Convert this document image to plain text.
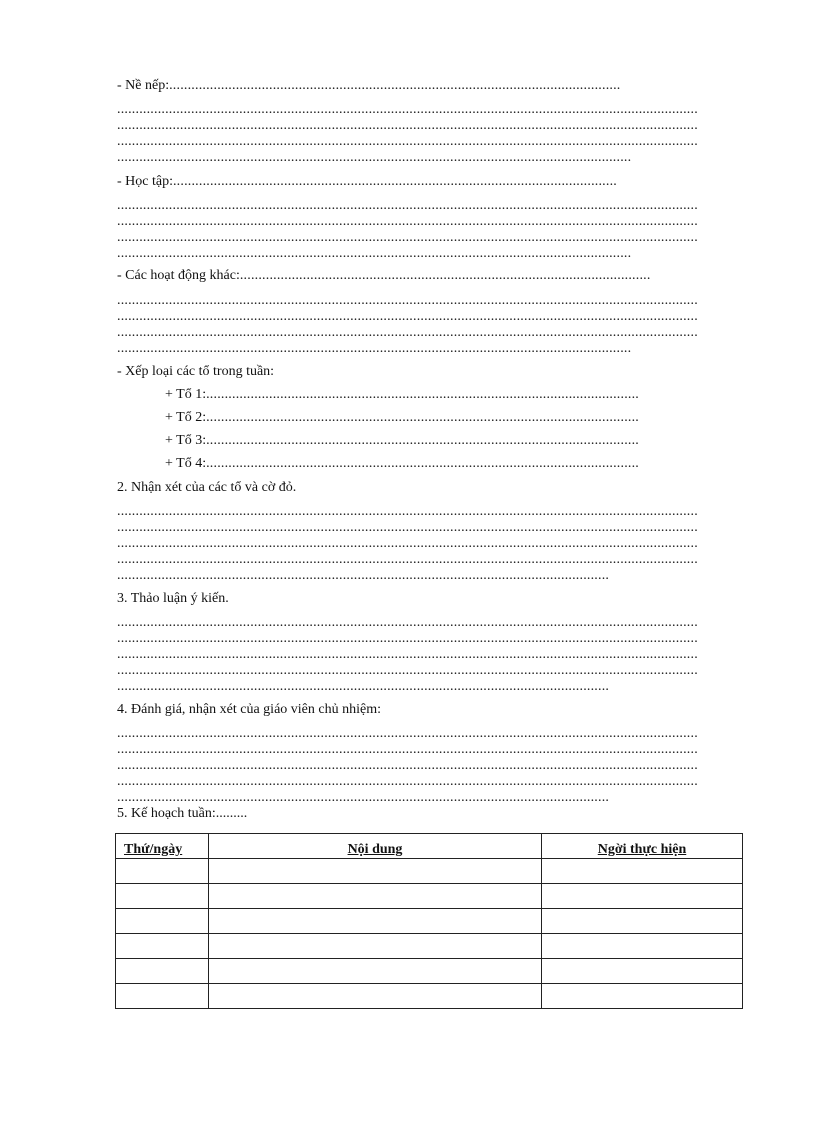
- Nề nếp:..........................................................................................................................
.............................................................................................................................................................
.............................................................................................................................................................
.............................................................................................................................................................
...........................................................................................................................................
- Học tập:........................................................................................................................
.............................................................................................................................................................
.............................................................................................................................................................
.............................................................................................................................................................
...........................................................................................................................................
- Các hoạt động khác:...............................................................................................................
.............................................................................................................................................................
.............................................................................................................................................................
.............................................................................................................................................................
...........................................................................................................................................
- Xếp loại các tổ trong tuần:
+ Tổ 1:.....................................................................................................................
+ Tổ 2:.....................................................................................................................
+ Tổ 3:.....................................................................................................................
+ Tổ 4:.....................................................................................................................
2. Nhận xét của các tổ và cờ đỏ.
.............................................................................................................................................................
.............................................................................................................................................................
.............................................................................................................................................................
.............................................................................................................................................................
.....................................................................................................................................
3. Thảo luận ý kiến.
.............................................................................................................................................................
.............................................................................................................................................................
.............................................................................................................................................................
.............................................................................................................................................................
.....................................................................................................................................
4. Đánh giá, nhận xét của giáo viên chủ nhiệm:
.............................................................................................................................................................
.............................................................................................................................................................
.............................................................................................................................................................
.............................................................................................................................................................
.....................................................................................................................................
5. Kế hoạch tuần:.........
Thứ/ngày	Nội dung	Ngời thực hiện
